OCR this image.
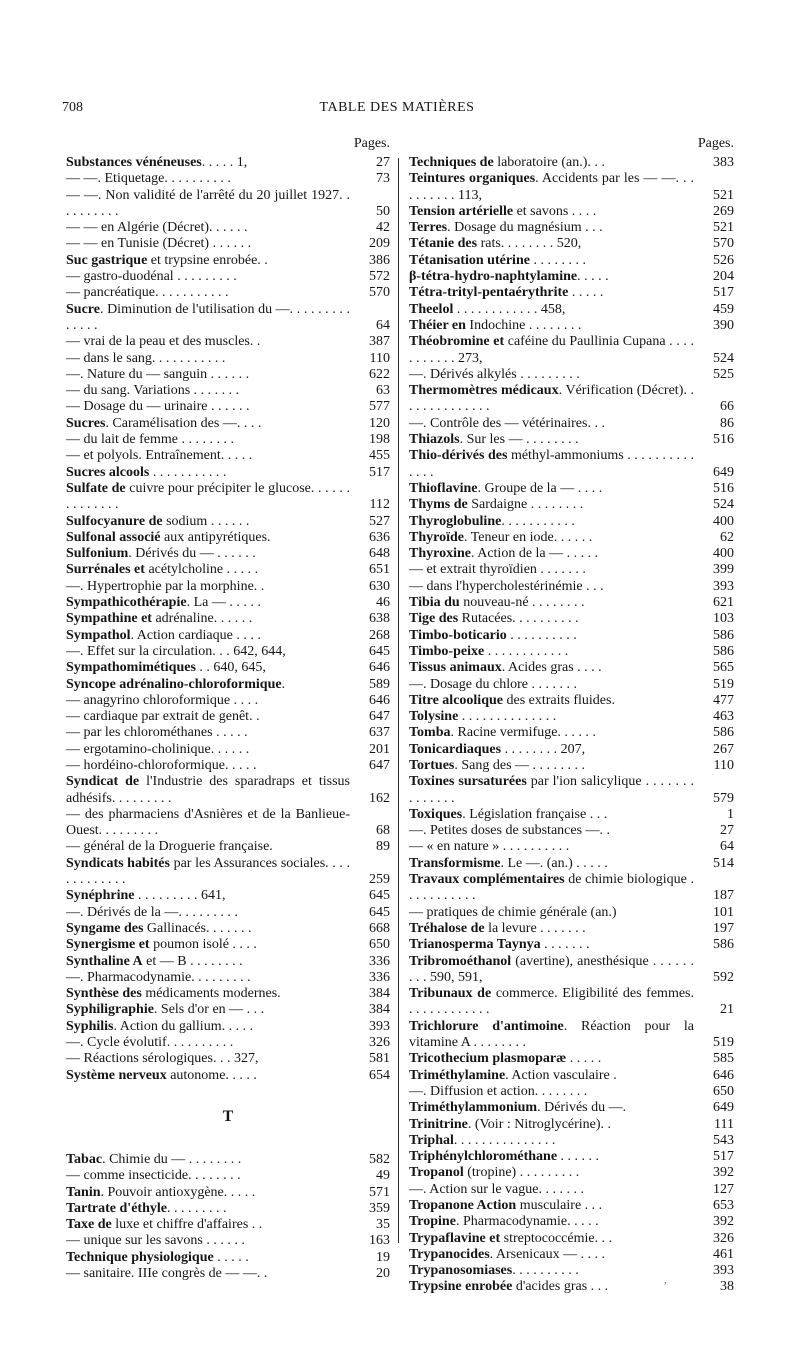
708	TABLE DES MATIÈRES
Pages.
Substances vénéneuses. . . . . 1,	27
— —. Etiquetage. . . . . . . . . .	73
— —. Non validité de l'arrêté du 20 juillet 1927. . . . . . . . . .	50
— — en Algérie (Décret). . . . . .	42
— — en Tunisie (Décret) . . . . . .	209
Suc gastrique et trypsine enrobée. .	386
— gastro-duodénal . . . . . . . . .	572
— pancréatique. . . . . . . . . . .	570
Sucre. Diminution de l'utilisation du —. . . . . . . . . . . . . .	64
— vrai de la peau et des muscles. .	387
— dans le sang. . . . . . . . . . .	110
—. Nature du — sanguin . . . . . .	622
— du sang. Variations . . . . . . .	63
— Dosage du — urinaire . . . . . .	577
Sucres. Caramélisation des —. . . .	120
— du lait de femme . . . . . . . .	198
— et polyols. Entraînement. . . . .	455
Sucres alcools . . . . . . . . . . .	517
Sulfate de cuivre pour précipiter le glucose. . . . . . . . . . . . . .	112
Sulfocyanure de sodium . . . . . .	527
Sulfonal associé aux antipyrétiques.	636
Sulfonium. Dérivés du — . . . . . .	648
Surrénales et acétylcholine . . . . .	651
—. Hypertrophie par la morphine. .	630
Sympathicothérapie. La — . . . . .	46
Sympathine et adrénaline. . . . . .	638
Sympathol. Action cardiaque . . . .	268
—. Effet sur la circulation. . . 642, 644,	645
Sympathomimétiques . . 640, 645,	646
Syncope adrénalino-chloroformique.	589
— anagyrino chloroformique . . . .	646
— cardiaque par extrait de genêt. .	647
— par les chlorométhanes . . . . .	637
— ergotamino-cholinique. . . . . .	201
— hordéino-chloroformique. . . . .	647
Syndicat de l'Industrie des sparadraps et tissus adhésifs. . . . . . . . .	162
— des pharmaciens d'Asnières et de la Banlieue-Ouest. . . . . . . . .	68
— général de la Droguerie française.	89
Syndicats habités par les Assurances sociales. . . . . . . . . . . . .	259
Synéphrine . . . . . . . . . 641,	645
—. Dérivés de la —. . . . . . . . .	645
Syngame des Gallinacés. . . . . . .	668
Synergisme et poumon isolé . . . .	650
Synthaline A et — B . . . . . . . .	336
—. Pharmacodynamie. . . . . . . . .	336
Synthèse des médicaments modernes.	384
Syphiligraphie. Sels d'or en — . . .	384
Syphilis. Action du gallium. . . . .	393
—. Cycle évolutif. . . . . . . . . .	326
— Réactions sérologiques. . . 327,	581
Système nerveux autonome. . . . .	654
T
Tabac. Chimie du — . . . . . . . .	582
— comme insecticide. . . . . . . .	49
Tanin. Pouvoir antioxygène. . . . .	571
Tartrate d'éthyle. . . . . . . . .	359
Taxe de luxe et chiffre d'affaires . .	35
— unique sur les savons . . . . . .	163
Technique physiologique . . . . .	19
— sanitaire. IIIe congrès de — —. .	20
Pages.
Techniques de laboratoire (an.). . .	383
Teintures organiques. Accidents par les — —. . . . . . . . . . 113,	521
Tension artérielle et savons . . . .	269
Terres. Dosage du magnésium . . .	521
Tétanie des rats. . . . . . . . 520,	570
Tétanisation utérine . . . . . . . .	526
β-tétra-hydro-naphtylamine. . . . .	204
Tétra-trityl-pentaérythrite . . . . .	517
Theelol . . . . . . . . . . . . 458,	459
Théier en Indochine . . . . . . . .	390
Théobromine et caféine du Paullinia Cupana . . . . . . . . . . . 273,	524
—. Dérivés alkylés . . . . . . . . .	525
Thermomètres médicaux. Vérification (Décret). . . . . . . . . . . . . .	66
—. Contrôle des — vétérinaires. . .	86
Thiazols. Sur les — . . . . . . . .	516
Thio-dérivés des méthyl-ammoniums . . . . . . . . . . . . . .	649
Thioflavine. Groupe de la — . . . .	516
Thyms de Sardaigne . . . . . . . .	524
Thyroglobuline. . . . . . . . . . .	400
Thyroïde. Teneur en iode. . . . . .	62
Thyroxine. Action de la — . . . . .	400
— et extrait thyroïdien . . . . . . .	399
— dans l'hypercholestérinémie . . .	393
Tibia du nouveau-né . . . . . . . .	621
Tige des Rutacées. . . . . . . . . .	103
Timbo-boticario . . . . . . . . . .	586
Timbo-peixe . . . . . . . . . . . .	586
Tissus animaux. Acides gras . . . .	565
—. Dosage du chlore . . . . . . .	519
Titre alcoolique des extraits fluides.	477
Tolysine . . . . . . . . . . . . . .	463
Tomba. Racine vermifuge. . . . . .	586
Tonicardiaques . . . . . . . . 207,	267
Tortues. Sang des — . . . . . . . .	110
Toxines sursaturées par l'ion salicylique . . . . . . . . . . . . . .	579
Toxiques. Législation française . . .	1
—. Petites doses de substances —. .	27
— « en nature » . . . . . . . . . .	64
Transformisme. Le —. (an.) . . . . .	514
Travaux complémentaires de chimie biologique . . . . . . . . . . .	187
— pratiques de chimie générale (an.)	101
Tréhalose de la levure . . . . . . .	197
Trianosperma Taynya . . . . . . .	586
Tribromoéthanol (avertine), anesthésique . . . . . . . . . 590, 591,	592
Tribunaux de commerce. Eligibilité des femmes. . . . . . . . . . . . .	21
Trichlorure d'antimoine. Réaction pour la vitamine A . . . . . . . .	519
Tricothecium plasmoparæ . . . . .	585
Triméthylamine. Action vasculaire .	646
—. Diffusion et action. . . . . . . .	650
Triméthylammonium. Dérivés du —.	649
Trinitrine. (Voir : Nitroglycérine). .	111
Triphal. . . . . . . . . . . . . . .	543
Triphénylchlorométhane . . . . . .	517
Tropanol (tropine) . . . . . . . . .	392
—. Action sur le vague. . . . . . .	127
Tropanone Action musculaire . . .	653
Tropine. Pharmacodynamie. . . . .	392
Trypaflavine et streptococcémie. . .	326
Trypanocides. Arsenicaux — . . . .	461
Trypanosomiases. . . . . . . . . .	393
Trypsine enrobée d'acides gras . . .	38
,
